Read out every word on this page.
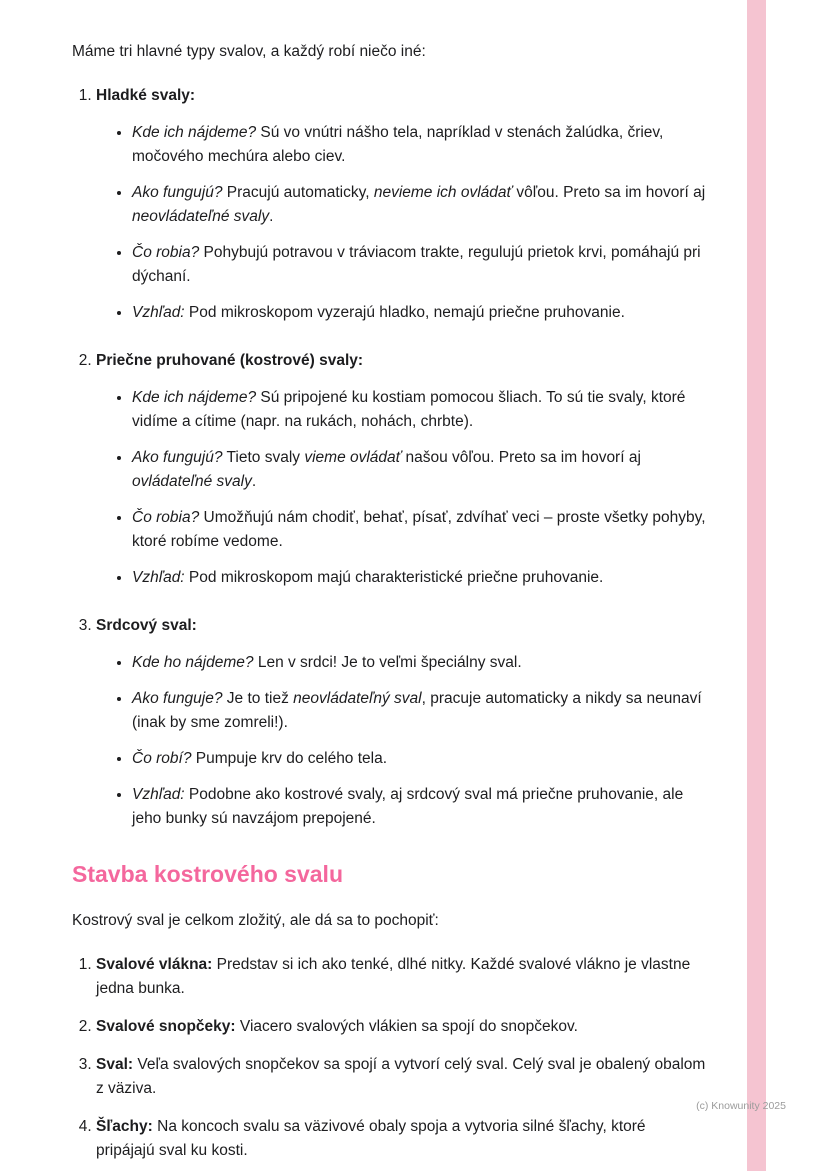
Máme tri hlavné typy svalov, a každý robí niečo iné:

1. Hladké svaly:
• Kde ich nájdeme? Sú vo vnútri nášho tela, napríklad v stenách žalúdka, čriev, močového mechúra alebo ciev.
• Ako fungujú? Pracujú automaticky, nevieme ich ovládať vôľou. Preto sa im hovorí aj neovládateľné svaly.
• Čo robia? Pohybujú potravou v tráviacom trakte, regulujú prietok krvi, pomáhajú pri dýchaní.
• Vzhľad: Pod mikroskopom vyzerajú hladko, nemajú priečne pruhovanie.
2. Priečne pruhované (kostrové) svaly:
• Kde ich nájdeme? Sú pripojené ku kostiam pomocou šliach. To sú tie svaly, ktoré vidíme a cítime (napr. na rukách, nohách, chrbte).
• Ako fungujú? Tieto svaly vieme ovládať našou vôľou. Preto sa im hovorí aj ovládateľné svaly.
• Čo robia? Umožňujú nám chodiť, behať, písať, zdvíhať veci – proste všetky pohyby, ktoré robíme vedome.
• Vzhľad: Pod mikroskopom majú charakteristické priečne pruhovanie.
3. Srdcový sval:
• Kde ho nájdeme? Len v srdci! Je to veľmi špeciálny sval.
• Ako funguje? Je to tiež neovládateľný sval, pracuje automaticky a nikdy sa neunaví (inak by sme zomreli!).
• Čo robí? Pumpuje krv do celého tela.
• Vzhľad: Podobne ako kostrové svaly, aj srdcový sval má priečne pruhovanie, ale jeho bunky sú navzájom prepojené.
Stavba kostrového svalu

Kostrový sval je celkom zložitý, ale dá sa to pochopiť:

1. Svalové vlákna: Predstav si ich ako tenké, dlhé nitky. Každé svalové vlákno je vlastne jedna bunka.
2. Svalové snopčeky: Viacero svalových vlákien sa spojí do snopčekov.
3. Sval: Veľa svalových snopčekov sa spojí a vytvorí celý sval. Celý sval je obalený obalom z väziva.
4. Šľachy: Na koncoch svalu sa väzivové obaly spoja a vytvoria silné šľachy, ktoré pripájajú sval ku kosti.
(c) Knowunity 2025
